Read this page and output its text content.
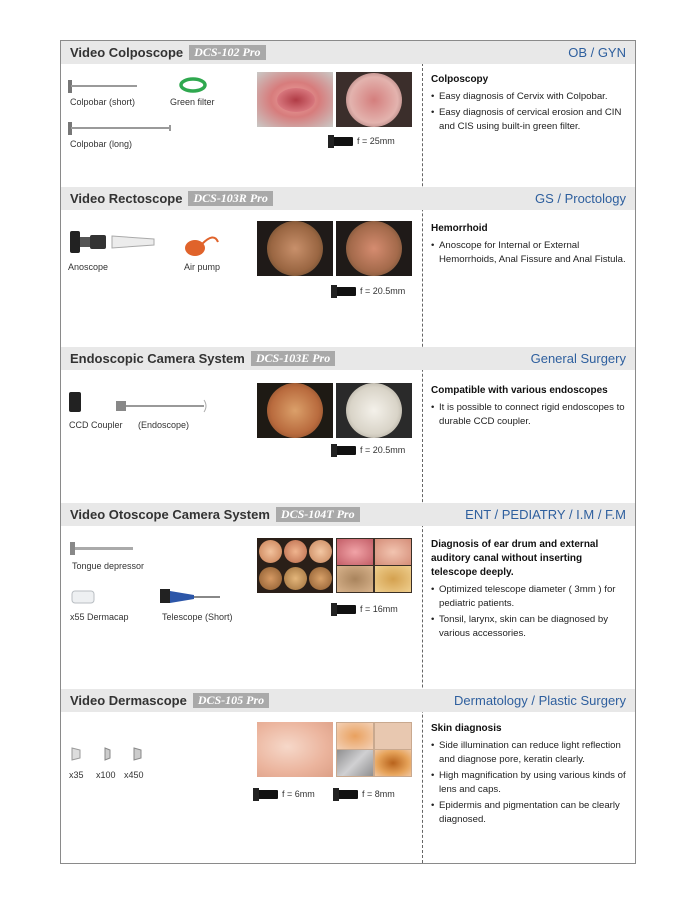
Video Colposcope DCS-102 Pro	OB / GYN
Colpobar (short)	Green filter
Colpobar (long)	f = 25mm
Colposcopy
• Easy diagnosis of Cervix with Colpobar.
• Easy diagnosis of cervical erosion and CIN and CIS using built-in green filter.
Video Rectoscope DCS-103R Pro	GS / Proctology
Anoscope	Air pump
f = 20.5mm
Hemorrhoid
• Anoscope for Internal or External Hemorrhoids, Anal Fissure and Anal Fistula.
Endoscopic Camera System DCS-103E Pro	General Surgery
CCD Coupler (Endoscope)
f = 20.5mm
Compatible with various endoscopes
• It is possible to connect rigid endoscopes to durable CCD coupler.
Video Otoscope Camera System DCS-104T Pro	ENT / PEDIATRY / I.M / F.M
Tongue depressor
x55 Dermacap	Telescope (Short)
f = 16mm
Diagnosis of ear drum and external auditory canal without inserting telescope deeply.
• Optimized telescope diameter ( 3mm ) for pediatric patients.
• Tonsil, larynx, skin can be diagnosed by various accessories.
Video Dermascope DCS-105 Pro	Dermatology / Plastic Surgery
x35 x100 x450
f = 6mm	f = 8mm
Skin diagnosis
• Side illumination can reduce light reflection and diagnose pore, keratin clearly.
• High magnification by using various kinds of lens and caps.
• Epidermis and pigmentation can be clearly diagnosed.
